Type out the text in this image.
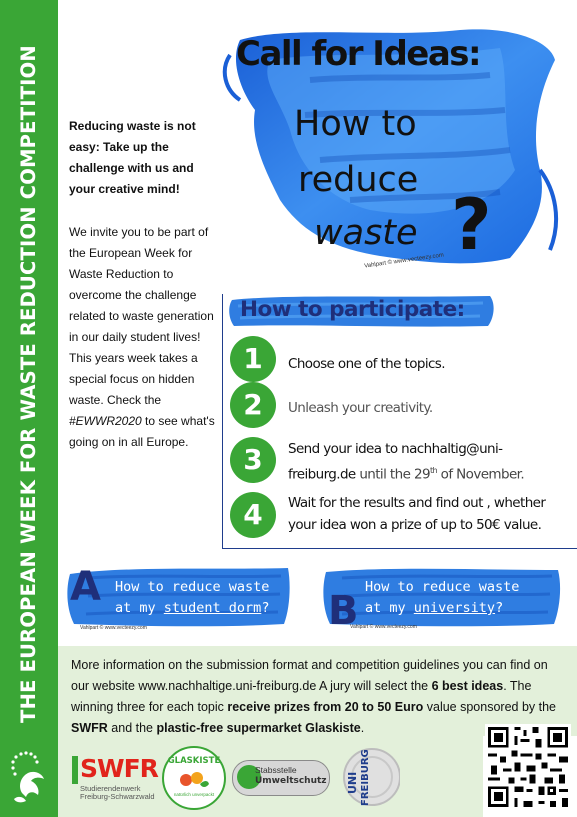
THE EUROPEAN WEEK FOR WASTE REDUCTION COMPETITION Reducing waste is not easy: Take up the challenge with us and your creative mind!

We invite you to be part of the European Week for Waste Reduction to overcome the challenge related to waste generation in our daily student lives! This years week takes a special focus on hidden waste. Check the #EWWR2020 to see what's going on in all Europe.

Call for Ideas:
How to
reduce
waste ?
Vahlpart © www.vecteezy.com
How to participate:
1	Choose one of the topics.
2	Unleash your creativity.
3	Send your idea to nachhaltig@uni-
freiburg.de until the 29th of November.
4	Wait for the results and find out , whether
your idea won a prize of up to 50€ value.
A How to reduce waste
at my student dorm?
Vahlpart © www.vecteezy.com	B
How to reduce waste
at my university?
Vahlpart © www.vecteezy.com
More information on the submission format and competition guidelines you can find on our website www.nachhaltige.uni-freiburg.de A jury will select the 6 best ideas. The winning three for each topic receive prizes from 20 to 50 Euro value sponsored by the SWFR and the plastic-free supermarket Glaskiste.
SWFR
Studierendenwerk
Freiburg-Schwarzwald
GLASKISTE
natürlich unverpackt
Stabsstelle
Umweltschutz UNI FREIBURG
